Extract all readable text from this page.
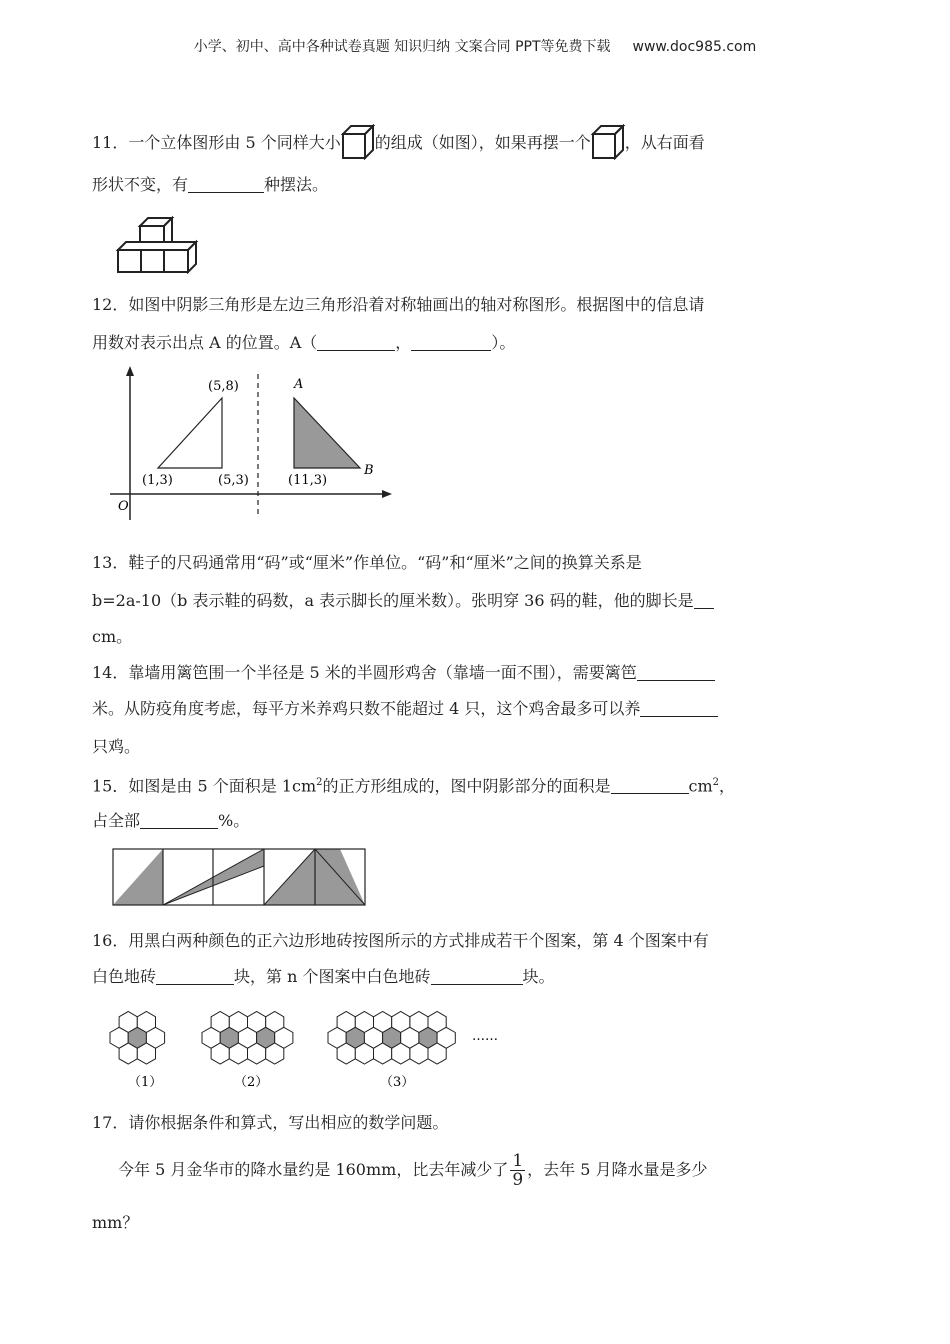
小学、初中、高中各种试卷真题 知识归纳 文案合同 PPT等免费下载 www.doc985.com
11．一个立体图形由 5 个同样大小 的组成（如图），如果再摆一个 ，从右面看
形状不变，有	种摆法。
12．如图中阴影三角形是左边三角形沿着对称轴画出的轴对称图形。根据图中的信息请
用数对表示出点 A 的位置。A（	，	）。
(5,8)	A
(1,3)	(5,3)	(11,3)
B
O
13．鞋子的尺码通常用“码”或“厘米”作单位。“码”和“厘米”之间的换算关系是
b=2a-10（b 表示鞋的码数，a 表示脚长的厘米数）。张明穿 36 码的鞋，他的脚长是
cm。
14．靠墙用篱笆围一个半径是 5 米的半圆形鸡舍（靠墙一面不围），需要篱笆
米。从防疫角度考虑，每平方米养鸡只数不能超过 4 只，这个鸡舍最多可以养
只鸡。
15．如图是由 5 个面积是 $1cm^2$的正方形组成的，图中阴影部分的面积是	$cm^2$，
占全部	%。
16．用黑白两种颜色的正六边形地砖按图所示的方式排成若干个图案，第 4 个图案中有
白色地砖	块，第 n 个图案中白色地砖	块。
（1）	（2）	（3）
……
17．请你根据条件和算式，写出相应的数学问题。
今年 5 月金华市的降水量约是 160mm，比去年减少了 $\frac{1}{9}$ ，去年 5 月降水量是多少
mm？
